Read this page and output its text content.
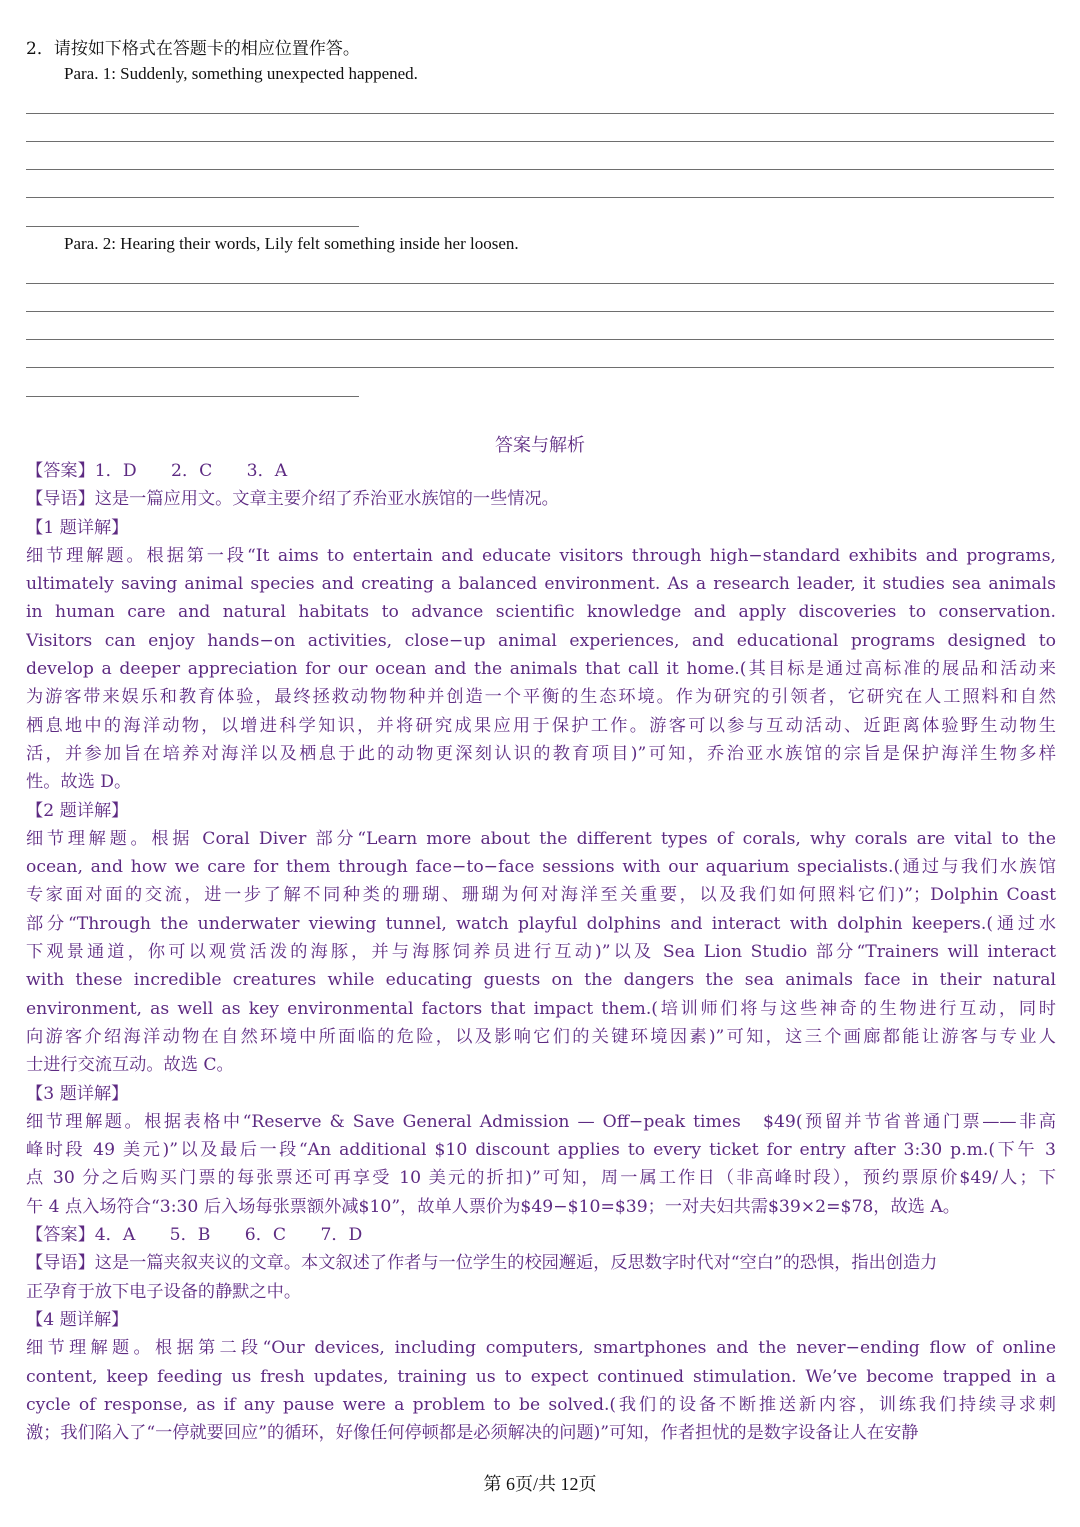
2．请按如下格式在答题卡的相应位置作答。
Para. 1: Suddenly, something unexpected happened.
Para. 2: Hearing their words, Lily felt something inside her loosen.
答案与解析
【答案】1．D　　2．C　　3．A
【导语】这是一篇应用文。文章主要介绍了乔治亚水族馆的一些情况。
【1 题详解】
细节理解题。根据第一段“It aims to entertain and educate visitors through high−standard exhibits and programs,
ultimately saving animal species and creating a balanced environment. As a research leader, it studies sea animals
in human care and natural habitats to advance scientific knowledge and apply discoveries to conservation.
Visitors can enjoy hands−on activities, close−up animal experiences, and educational programs designed to
develop a deeper appreciation for our ocean and the animals that call it home.(其目标是通过高标准的展品和活动来
为游客带来娱乐和教育体验，最终拯救动物物种并创造一个平衡的生态环境。作为研究的引领者，它研究在人工照料和自然
栖息地中的海洋动物，以增进科学知识，并将研究成果应用于保护工作。游客可以参与互动活动、近距离体验野生动物生
活，并参加旨在培养对海洋以及栖息于此的动物更深刻认识的教育项目)”可知，乔治亚水族馆的宗旨是保护海洋生物多样
性。故选 D。
【2 题详解】
细节理解题。根据 Coral Diver 部分“Learn more about the different types of corals, why corals are vital to the
ocean, and how we care for them through face−to−face sessions with our aquarium specialists.(通过与我们水族馆
专家面对面的交流，进一步了解不同种类的珊瑚、珊瑚为何对海洋至关重要，以及我们如何照料它们)”；Dolphin Coast
部分“Through the underwater viewing tunnel, watch playful dolphins and interact with dolphin keepers.(通过水
下观景通道，你可以观赏活泼的海豚，并与海豚饲养员进行互动)”以及 Sea Lion Studio 部分“Trainers will interact
with these incredible creatures while educating guests on the dangers the sea animals face in their natural
environment, as well as key environmental factors that impact them.(培训师们将与这些神奇的生物进行互动，同时
向游客介绍海洋动物在自然环境中所面临的危险，以及影响它们的关键环境因素)”可知，这三个画廊都能让游客与专业人
士进行交流互动。故选 C。
【3 题详解】
细节理解题。根据表格中“Reserve & Save General Admission — Off−peak times　$49(预留并节省普通门票——非高
峰时段 49 美元)”以及最后一段“An additional $10 discount applies to every ticket for entry after 3:30 p.m.(下午 3
点 30 分之后购买门票的每张票还可再享受 10 美元的折扣)”可知，周一属工作日（非高峰时段），预约票原价$49/人；下
午 4 点入场符合“3:30 后入场每张票额外减$10”，故单人票价为$49−$10=$39；一对夫妇共需$39×2=$78，故选 A。
【答案】4．A　　5．B　　6．C　　7．D
【导语】这是一篇夹叙夹议的文章。本文叙述了作者与一位学生的校园邂逅，反思数字时代对“空白”的恐惧，指出创造力
正孕育于放下电子设备的静默之中。
【4 题详解】
细节理解题。根据第二段“Our devices, including computers, smartphones and the never−ending flow of online
content, keep feeding us fresh updates, training us to expect continued stimulation. We’ve become trapped in a
cycle of response, as if any pause were a problem to be solved.(我们的设备不断推送新内容，训练我们持续寻求刺
激；我们陷入了“一停就要回应”的循环，好像任何停顿都是必须解决的问题)”可知，作者担忧的是数字设备让人在安静
第 6页/共 12页
